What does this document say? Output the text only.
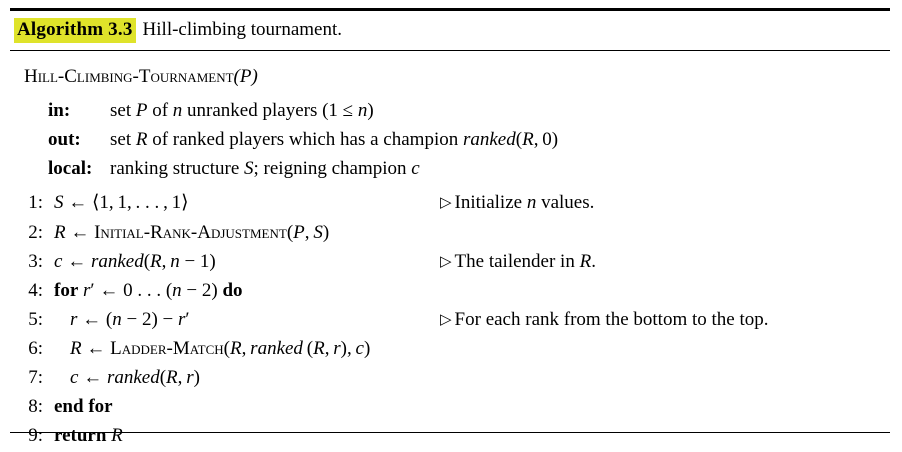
Algorithm 3.3 Hill-climbing tournament.
Hill-Climbing-Tournament(P)
in:	set P of n unranked players (1 ≤ n)
out:	set R of ranked players which has a champion ranked(R, 0)
local: ranking structure S; reigning champion c
1: S ← ⟨1, 1, . . . , 1⟩	▷ Initialize n values.
2: R ← Initial-Rank-Adjustment(P, S)
3: c ← ranked(R, n − 1)	▷ The tailender in R.
4: for r′ ← 0 . . . (n − 2) do
5:	r ← (n − 2) − r′	▷ For each rank from the bottom to the top.
6:	R ← Ladder-Match(R, ranked (R, r), c)
7:	c ← ranked(R, r)
8: end for
9: return R
